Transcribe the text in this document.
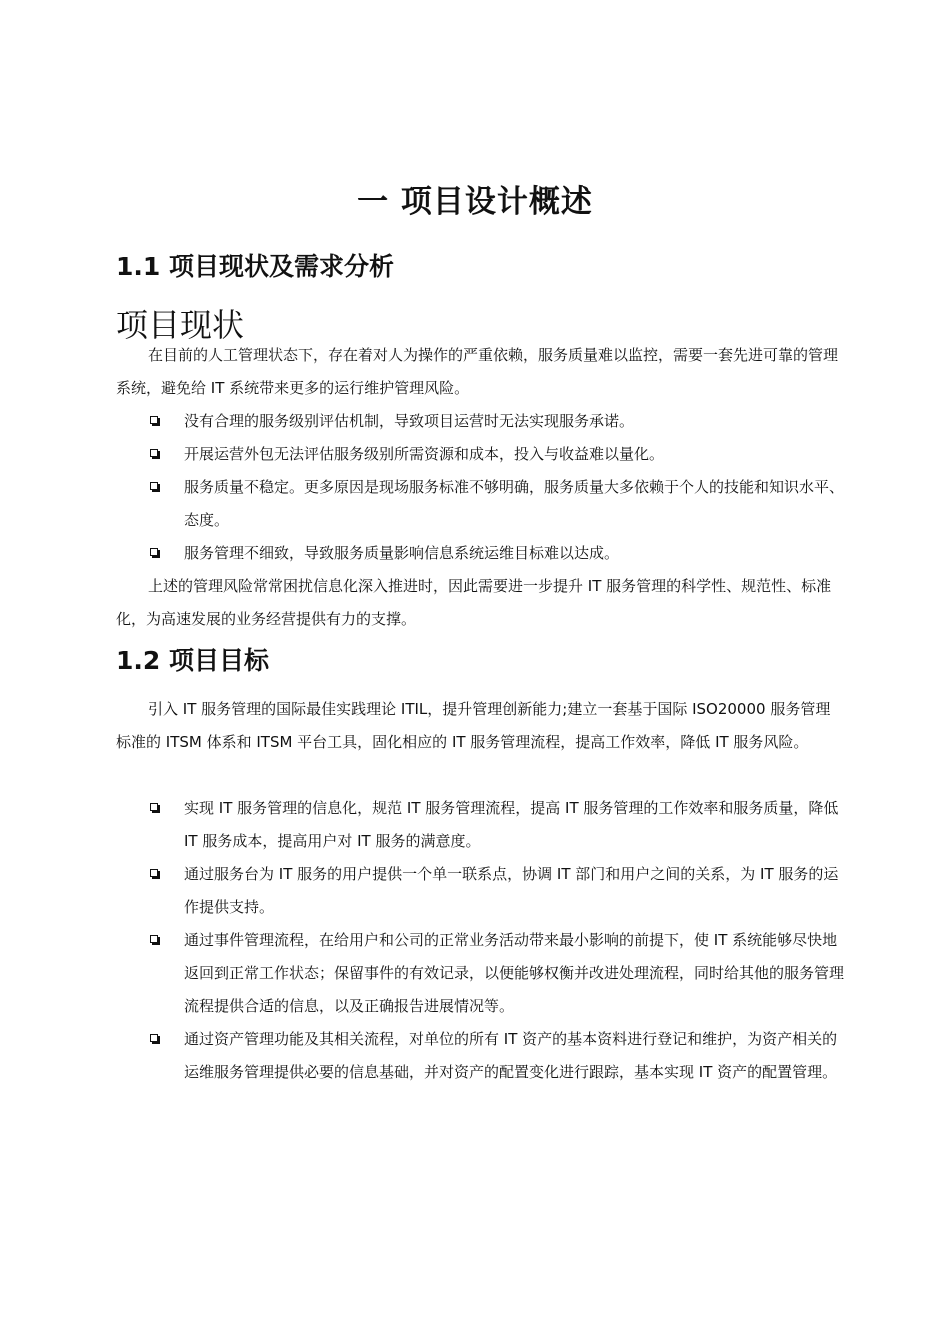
一 项目设计概述
1.1 项目现状及需求分析
项目现状

在目前的人工管理状态下，存在着对人为操作的严重依赖，服务质量难以监控，需要一套先进可靠的管理系统，避免给 IT 系统带来更多的运行维护管理风险。

没有合理的服务级别评估机制，导致项目运营时无法实现服务承诺。
开展运营外包无法评估服务级别所需资源和成本，投入与收益难以量化。
服务质量不稳定。更多原因是现场服务标准不够明确，服务质量大多依赖于个人的技能和知识水平、态度。
服务管理不细致，导致服务质量影响信息系统运维目标难以达成。

上述的管理风险常常困扰信息化深入推进时，因此需要进一步提升 IT 服务管理的科学性、规范性、标准化，为高速发展的业务经营提供有力的支撑。

1.2 项目目标

引入 IT 服务管理的国际最佳实践理论 ITIL，提升管理创新能力;建立一套基于国际 ISO20000 服务管理标准的 ITSM 体系和 ITSM 平台工具，固化相应的 IT 服务管理流程，提高工作效率，降低 IT 服务风险。

实现 IT 服务管理的信息化，规范 IT 服务管理流程，提高 IT 服务管理的工作效率和服务质量，降低 IT 服务成本，提高用户对 IT 服务的满意度。
通过服务台为 IT 服务的用户提供一个单一联系点，协调 IT 部门和用户之间的关系，为 IT 服务的运作提供支持。
通过事件管理流程，在给用户和公司的正常业务活动带来最小影响的前提下，使 IT 系统能够尽快地返回到正常工作状态；保留事件的有效记录，以便能够权衡并改进处理流程，同时给其他的服务管理流程提供合适的信息，以及正确报告进展情况等。
通过资产管理功能及其相关流程，对单位的所有 IT 资产的基本资料进行登记和维护，为资产相关的运维服务管理提供必要的信息基础，并对资产的配置变化进行跟踪，基本实现 IT 资产的配置管理。
